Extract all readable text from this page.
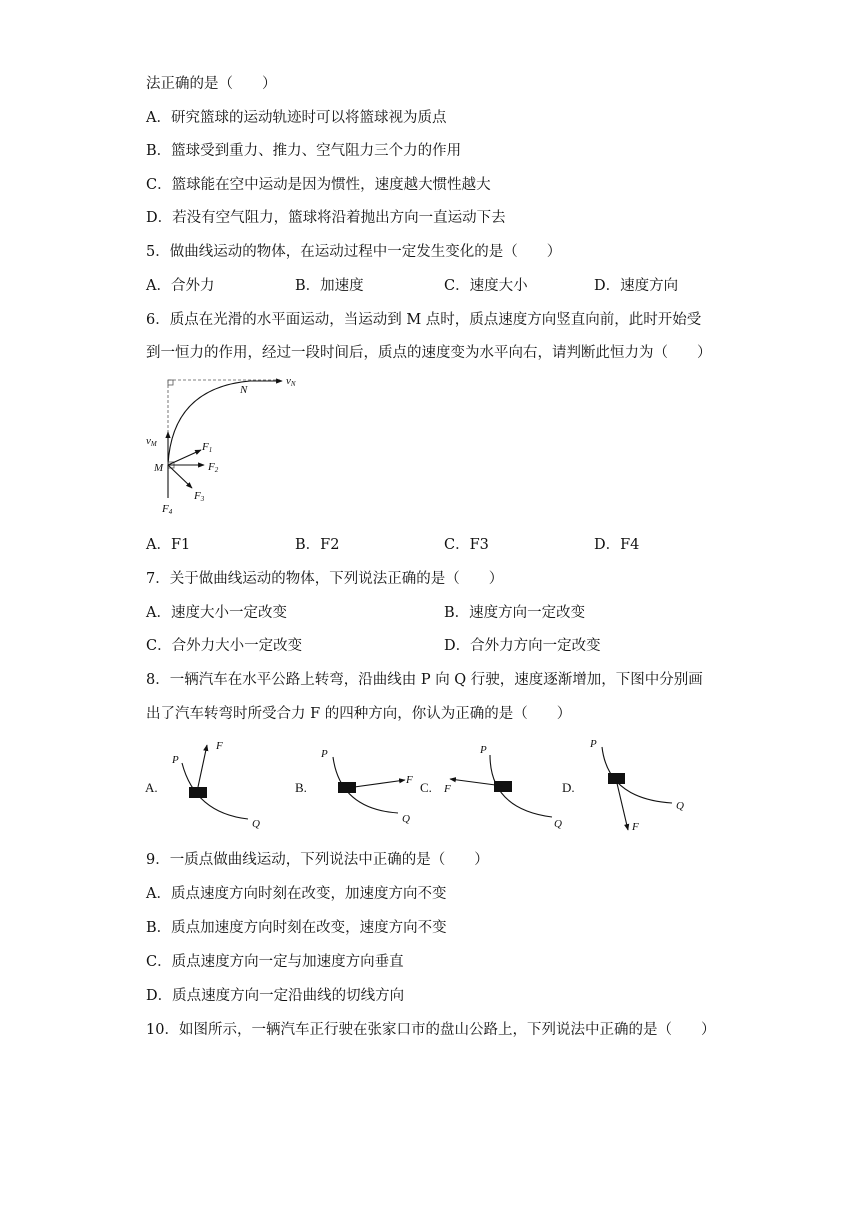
法正确的是（　　）
A．研究篮球的运动轨迹时可以将篮球视为质点
B．篮球受到重力、推力、空气阻力三个力的作用
C．篮球能在空中运动是因为惯性，速度越大惯性越大
D．若没有空气阻力，篮球将沿着抛出方向一直运动下去
5．做曲线运动的物体，在运动过程中一定发生变化的是（　　）
A．合外力	B．加速度	C．速度大小	D．速度方向
6．质点在光滑的水平面运动，当运动到 M 点时，质点速度方向竖直向前，此时开始受
到一恒力的作用，经过一段时间后，质点的速度变为水平向右，请判断此恒力为（　　）
vN
N
vM
M
F1
F2
F3
F4
A．F1	B．F2	C．F3	D．F4
7．关于做曲线运动的物体，下列说法正确的是（　　）
A．速度大小一定改变	B．速度方向一定改变
C．合外力大小一定改变	D．合外力方向一定改变
8．一辆汽车在水平公路上转弯，沿曲线由 P 向 Q 行驶，速度逐渐增加，下图中分别画
出了汽车转弯时所受合力 F 的四种方向，你认为正确的是（　　）
A.
P
F
Q
B.
P
F
Q
C.
P
F
Q
D.
P
F
Q
9．一质点做曲线运动，下列说法中正确的是（　　）
A．质点速度方向时刻在改变，加速度方向不变
B．质点加速度方向时刻在改变，速度方向不变
C．质点速度方向一定与加速度方向垂直
D．质点速度方向一定沿曲线的切线方向
10．如图所示，一辆汽车正行驶在张家口市的盘山公路上，下列说法中正确的是（　　）
